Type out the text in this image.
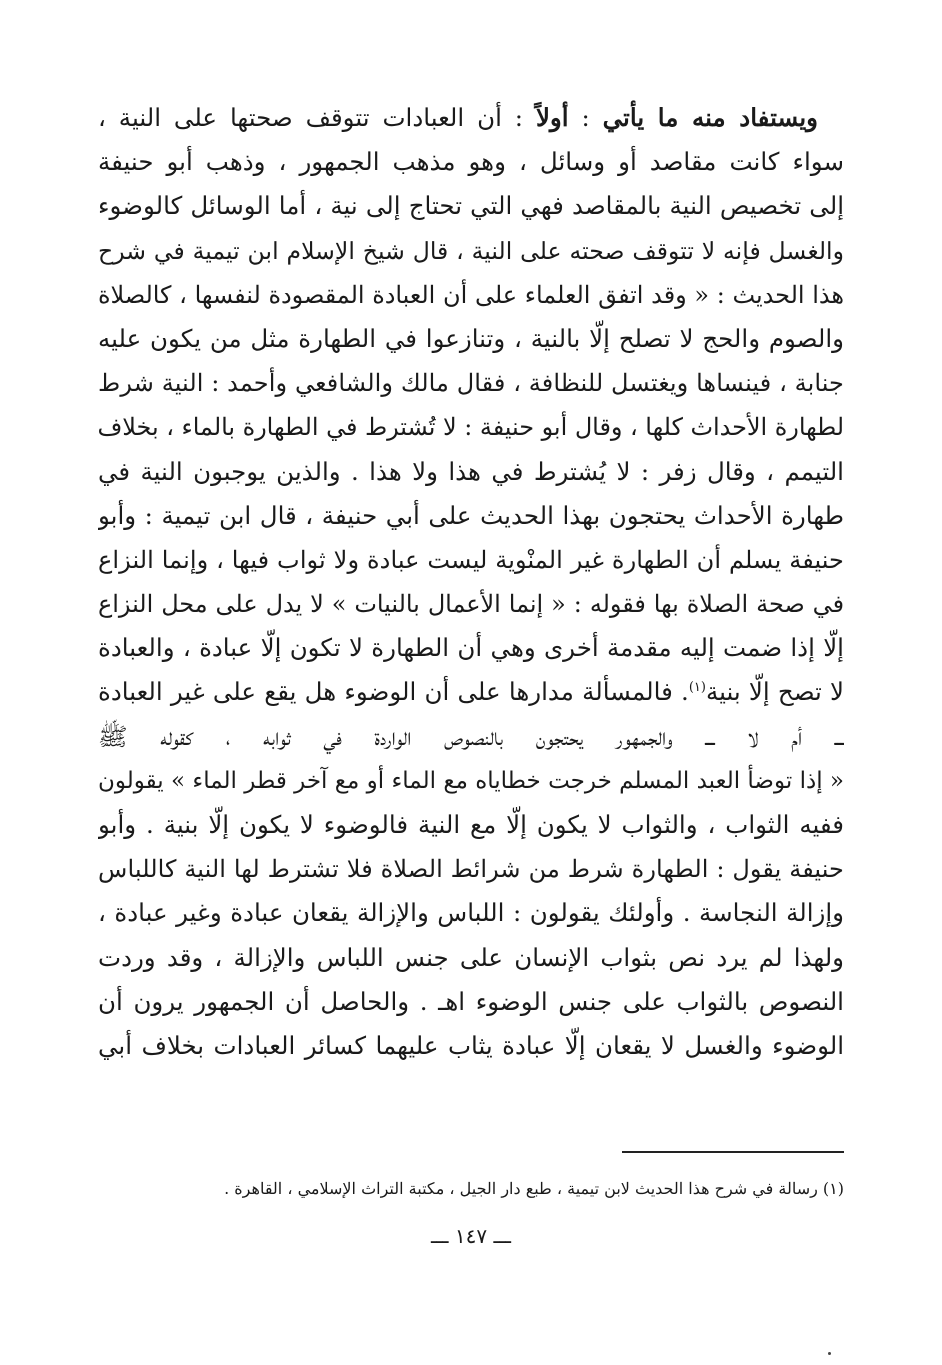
ويستفاد منه ما يأتي : أولاً : أن العبادات تتوقف صحتها على النية ،
سواء كانت مقاصد أو وسائل ، وهو مذهب الجمهور ، وذهب أبو حنيفة
إلى تخصيص النية بالمقاصد فهي التي تحتاج إلى نية ، أما الوسائل كالوضوء
والغسل فإنه لا تتوقف صحته على النية ، قال شيخ الإسلام ابن تيمية في شرح
هذا الحديث : « وقد اتفق العلماء على أن العبادة المقصودة لنفسها ، كالصلاة
والصوم والحج لا تصلح إلّا بالنية ، وتنازعوا في الطهارة مثل من يكون عليه
جنابة ، فينساها ويغتسل للنظافة ، فقال مالك والشافعي وأحمد : النية شرط
لطهارة الأحداث كلها ، وقال أبو حنيفة : لا تُشترط في الطهارة بالماء ، بخلاف
التيمم ، وقال زفر : لا يُشترط في هذا ولا هذا . والذين يوجبون النية في
طهارة الأحداث يحتجون بهذا الحديث على أبي حنيفة ، قال ابن تيمية : وأبو
حنيفة يسلم أن الطهارة غير المنْوية ليست عبادة ولا ثواب فيها ، وإنما النزاع
في صحة الصلاة بها فقوله : « إنما الأعمال بالنيات » لا يدل على محل النزاع
إلّا إذا ضمت إليه مقدمة أخرى وهي أن الطهارة لا تكون إلّا عبادة ، والعبادة
لا تصح إلّا بنية$^{(١)}$. فالمسألة مدارها على أن الوضوء هل يقع على غير العبادة
ـــ أم لا ـــ والجمهور يحتجون بالنصوص الواردة في ثوابه ، كقوله ﷺ
« إذا توضأ العبد المسلم خرجت خطاياه مع الماء أو مع آخر قطر الماء » يقولون
ففيه الثواب ، والثواب لا يكون إلّا مع النية فالوضوء لا يكون إلّا بنية . وأبو
حنيفة يقول : الطهارة شرط من شرائط الصلاة فلا تشترط لها النية كاللباس
وإزالة النجاسة . وأولئك يقولون : اللباس والإزالة يقعان عبادة وغير عبادة ،
ولهذا لم يرد نص بثواب الإنسان على جنس اللباس والإزالة ، وقد وردت
النصوص بالثواب على جنس الوضوء اهـ . والحاصل أن الجمهور يرون أن
الوضوء والغسل لا يقعان إلّا عبادة يثاب عليهما كسائر العبادات بخلاف أبي
(١) رسالة في شرح هذا الحديث لابن تيمية ، طبع دار الجيل ، مكتبة التراث الإسلامي ، القاهرة .
ـــ ١٤٧ ـــ
